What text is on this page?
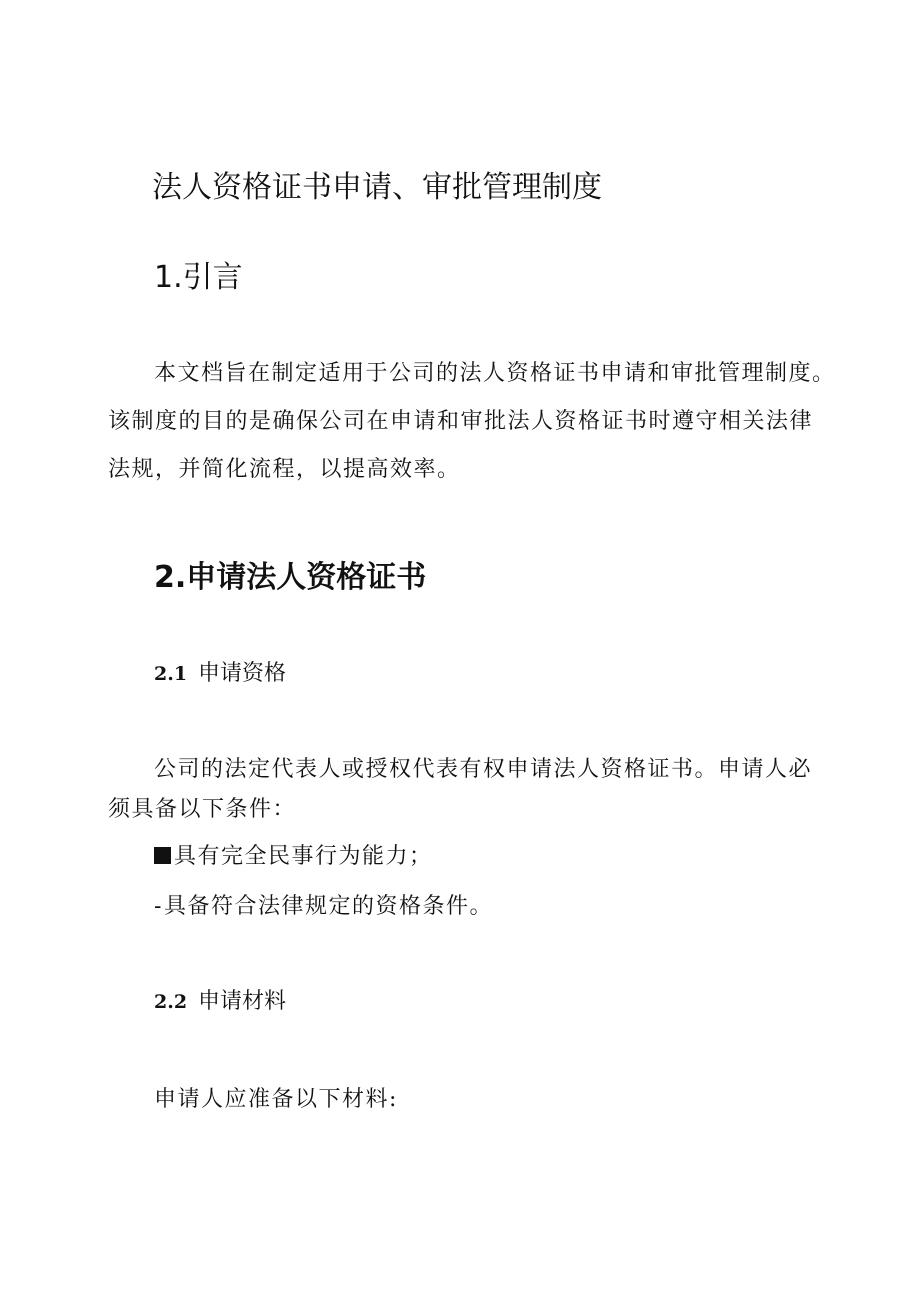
法人资格证书申请、审批管理制度
1.引言
本文档旨在制定适用于公司的法人资格证书申请和审批管理制度。
该制度的目的是确保公司在申请和审批法人资格证书时遵守相关法律
法规，并简化流程，以提高效率。
2.申请法人资格证书
2.1 申请资格
公司的法定代表人或授权代表有权申请法人资格证书。申请人必
须具备以下条件：
具有完全民事行为能力；
-具备符合法律规定的资格条件。
2.2 申请材料
申请人应准备以下材料:
